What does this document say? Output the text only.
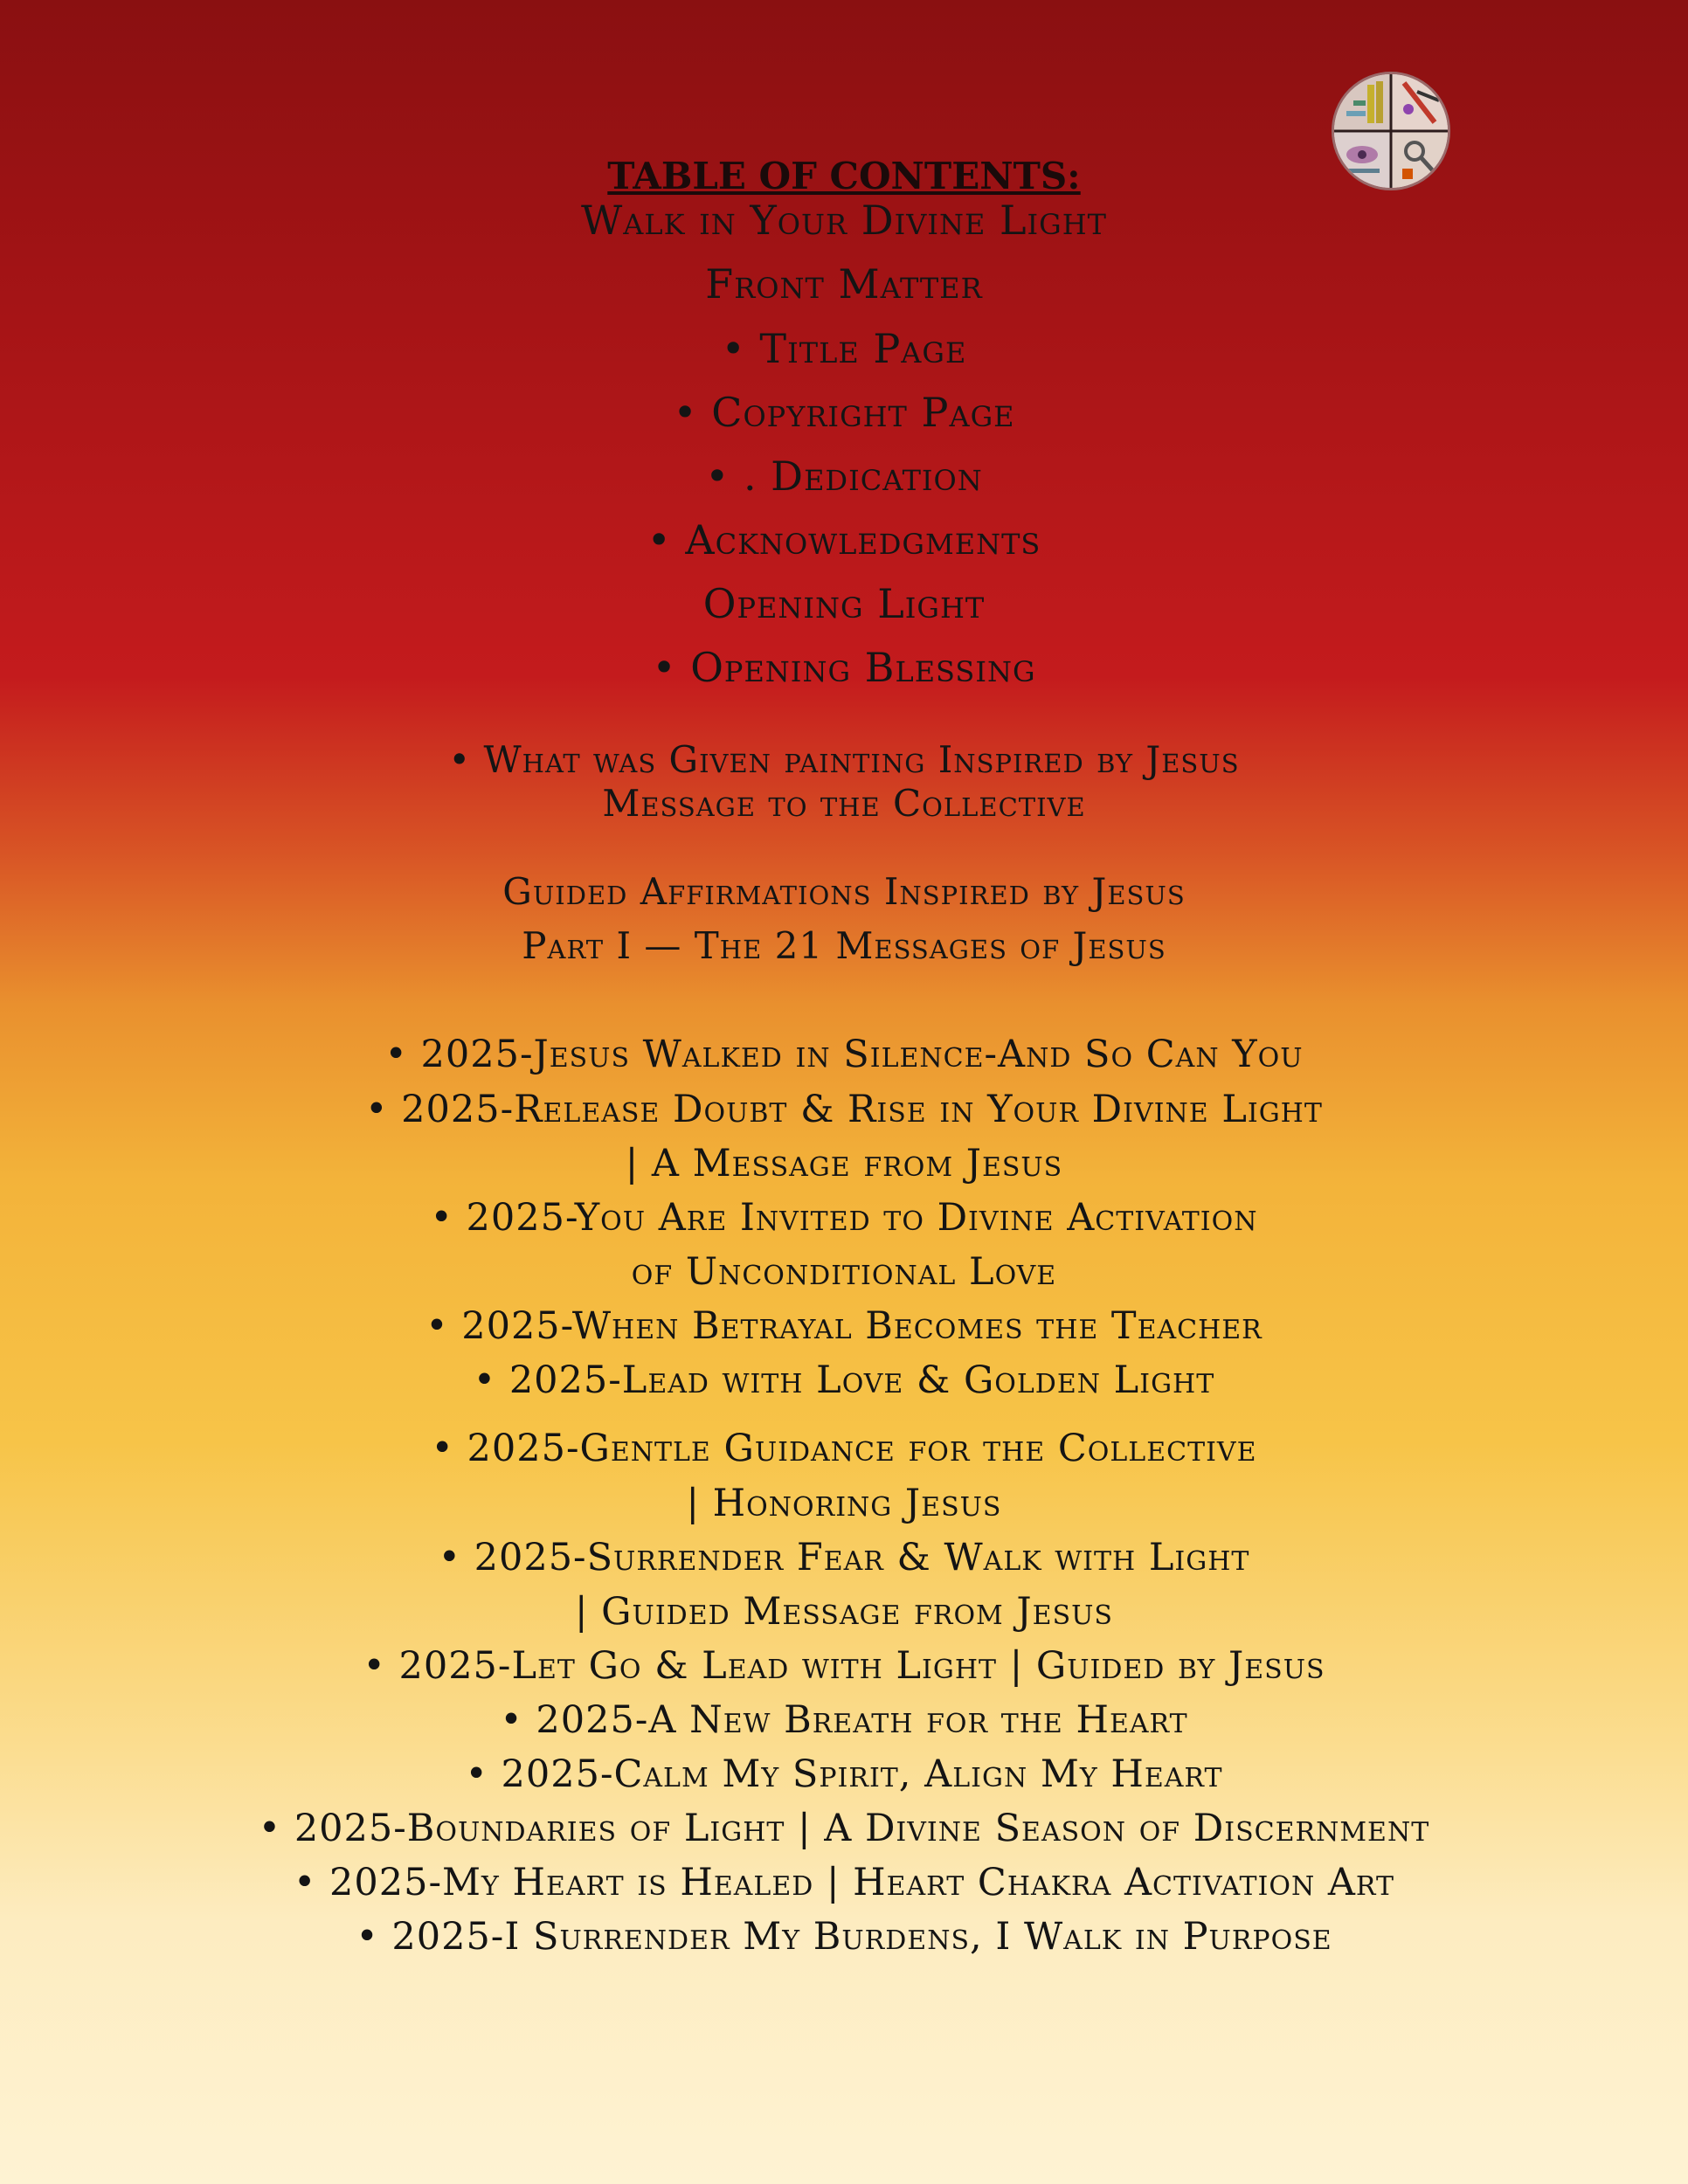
TABLE OF CONTENTS:
Walk in Your Divine Light
Front Matter
• Title Page
• Copyright Page
• . Dedication
• Acknowledgments
Opening Light
• Opening Blessing
• What was Given painting Inspired by Jesus
Message to the Collective
Guided Affirmations Inspired by Jesus
Part I — The 21 Messages of Jesus
• 2025-Jesus Walked in Silence-And So Can You
• 2025-Release Doubt & Rise in Your Divine Light
| A Message from Jesus
• 2025-You Are Invited to Divine Activation
of Unconditional Love
• 2025-When Betrayal Becomes the Teacher
• 2025-Lead with Love & Golden Light
• 2025-Gentle Guidance for the Collective
| Honoring Jesus
• 2025-Surrender Fear & Walk with Light
| Guided Message from Jesus
• 2025-Let Go & Lead with Light | Guided by Jesus
• 2025-A New Breath for the Heart
• 2025-Calm My Spirit, Align My Heart
• 2025-Boundaries of Light | A Divine Season of Discernment
• 2025-My Heart is Healed | Heart Chakra Activation Art
• 2025-I Surrender My Burdens, I Walk in Purpose
